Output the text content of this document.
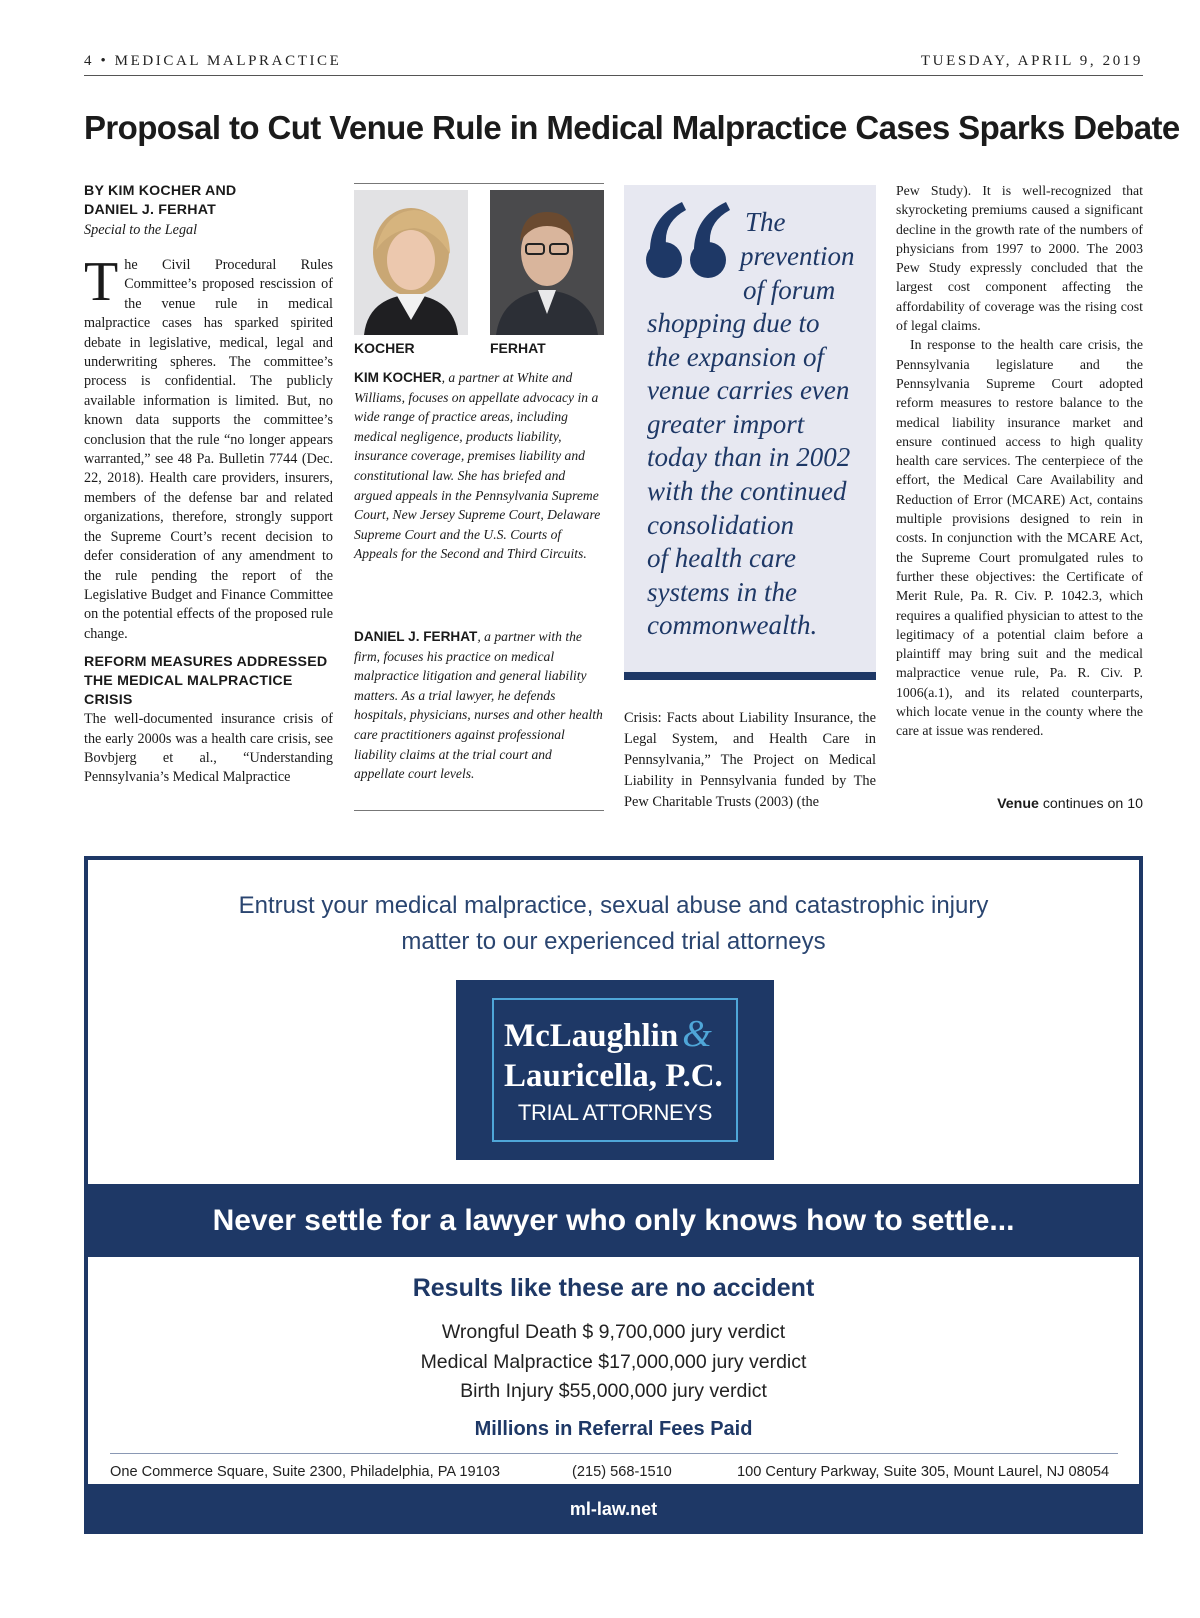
4 • MEDICAL MALPRACTICE	TUESDAY, APRIL 9, 2019
Proposal to Cut Venue Rule in Medical Malpractice Cases Sparks Debate
BY KIM KOCHER AND
DANIEL J. FERHAT
Special to the Legal
T he Civil Procedural Rules Committee’s proposed rescission of the venue rule in medical malpractice cases has sparked spirited debate in legislative, medical, legal and underwriting spheres. The committee’s process is confidential. The publicly available information is limited. But, no known data supports the committee’s conclusion that the rule “no longer appears warranted,” see 48 Pa. Bulletin 7744 (Dec. 22, 2018). Health care providers, insurers, members of the defense bar and related organizations, therefore, strongly support the Supreme Court’s recent decision to defer consideration of any amendment to the rule pending the report of the Legislative Budget and Finance Committee on the potential effects of the proposed rule change.
REFORM MEASURES ADDRESSED THE MEDICAL MALPRACTICE CRISIS
The well-documented insurance crisis of the early 2000s was a health care crisis, see Bovbjerg et al., “Understanding Pennsylvania’s Medical Malpractice
KOCHER	FERHAT
KIM KOCHER, a partner at White and Williams, focuses on appellate advocacy in a wide range of practice areas, including medical negligence, products liability, insurance coverage, premises liability and constitutional law. She has briefed and argued appeals in the Pennsylvania Supreme Court, New Jersey Supreme Court, Delaware Supreme Court and the U.S. Courts of Appeals for the Second and Third Circuits.
DANIEL J. FERHAT, a partner with the firm, focuses his practice on medical malpractice litigation and general liability matters. As a trial lawyer, he defends hospitals, physicians, nurses and other health care practitioners against professional liability claims at the trial court and appellate court levels.
The
prevention
of forum
shopping due to
the expansion of
venue carries even
greater import
today than in 2002
with the continued
consolidation
of health care
systems in the
commonwealth.
Crisis: Facts about Liability Insurance, the Legal System, and Health Care in Pennsylvania,” The Project on Medical Liability in Pennsylvania funded by The Pew Charitable Trusts (2003) (the

Pew Study). It is well-recognized that skyrocketing premiums caused a significant decline in the growth rate of the numbers of physicians from 1997 to 2000. The 2003 Pew Study expressly concluded that the largest cost component affecting the affordability of coverage was the rising cost of legal claims.

In response to the health care crisis, the Pennsylvania legislature and the Pennsylvania Supreme Court adopted reform measures to restore balance to the medical liability insurance market and ensure continued access to high quality health care services. The centerpiece of the effort, the Medical Care Availability and Reduction of Error (MCARE) Act, contains multiple provisions designed to rein in costs. In conjunction with the MCARE Act, the Supreme Court promulgated rules to further these objectives: the Certificate of Merit Rule, Pa. R. Civ. P. 1042.3, which requires a qualified physician to attest to the legitimacy of a potential claim before a plaintiff may bring suit and the medical malpractice venue rule, Pa. R. Civ. P. 1006(a.1), and its related counterparts, which locate venue in the county where the care at issue was rendered.

Venue continues on 10
Entrust your medical malpractice, sexual abuse and catastrophic injury
matter to our experienced trial attorneys
McLaughlin &
Lauricella, P.C.
TRIAL ATTORNEYS
Never settle for a lawyer who only knows how to settle...
Results like these are no accident
Wrongful Death $ 9,700,000 jury verdict
Medical Malpractice $17,000,000 jury verdict
Birth Injury $55,000,000 jury verdict
Millions in Referral Fees Paid
One Commerce Square, Suite 2300, Philadelphia, PA 19103	(215) 568-1510	100 Century Parkway, Suite 305, Mount Laurel, NJ 08054
ml-law.net
